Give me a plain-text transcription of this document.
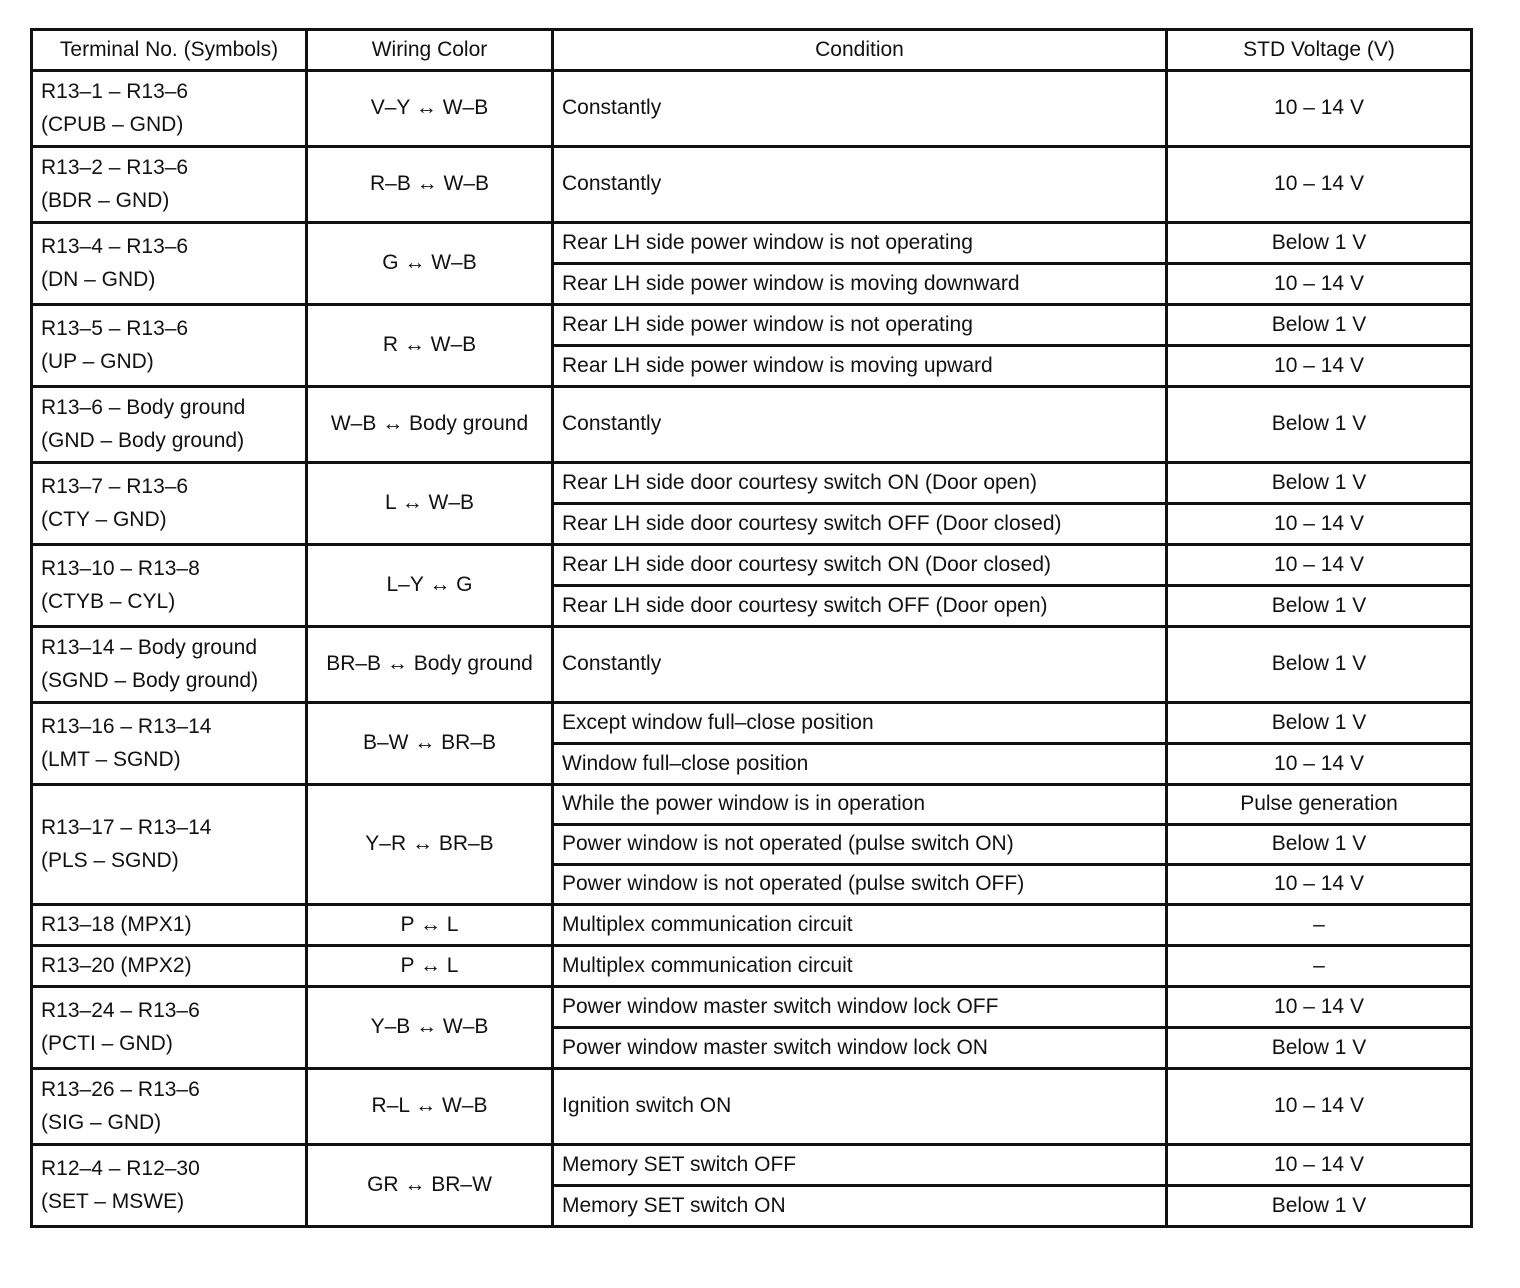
Terminal No. (Symbols)	Wiring Color	Condition	STD Voltage (V)

R13–1 – R13–6
(CPUB – GND)	V–Y ↔ W–B	Constantly	10 – 14 V

R13–2 – R13–6
(BDR – GND)	R–B ↔ W–B	Constantly	10 – 14 V

R13–4 – R13–6
(DN – GND)	G ↔ W–B	Rear LH side power window is not operating	Below 1 V
		Rear LH side power window is moving downward	10 – 14 V

R13–5 – R13–6
(UP – GND)	R ↔ W–B	Rear LH side power window is not operating	Below 1 V
		Rear LH side power window is moving upward	10 – 14 V

R13–6 – Body ground
(GND – Body ground)	W–B ↔ Body ground	Constantly	Below 1 V

R13–7 – R13–6
(CTY – GND)	L ↔ W–B	Rear LH side door courtesy switch ON (Door open)	Below 1 V
		Rear LH side door courtesy switch OFF (Door closed)	10 – 14 V

R13–10 – R13–8
(CTYB – CYL)	L–Y ↔ G	Rear LH side door courtesy switch ON (Door closed)	10 – 14 V
		Rear LH side door courtesy switch OFF (Door open)	Below 1 V

R13–14 – Body ground
(SGND – Body ground)	BR–B ↔ Body ground	Constantly	Below 1 V

R13–16 – R13–14
(LMT – SGND)	B–W ↔ BR–B	Except window full–close position	Below 1 V
		Window full–close position	10 – 14 V

R13–17 – R13–14
(PLS – SGND)	Y–R ↔ BR–B	While the power window is in operation	Pulse generation
		Power window is not operated (pulse switch ON)	Below 1 V
		Power window is not operated (pulse switch OFF)	10 – 14 V

R13–18 (MPX1)	P ↔ L	Multiplex communication circuit	–

R13–20 (MPX2)	P ↔ L	Multiplex communication circuit	–

R13–24 – R13–6
(PCTI – GND)	Y–B ↔ W–B	Power window master switch window lock OFF	10 – 14 V
		Power window master switch window lock ON	Below 1 V

R13–26 – R13–6
(SIG – GND)	R–L ↔ W–B	Ignition switch ON	10 – 14 V

R12–4 – R12–30
(SET – MSWE)	GR ↔ BR–W	Memory SET switch OFF	10 – 14 V
		Memory SET switch ON	Below 1 V
